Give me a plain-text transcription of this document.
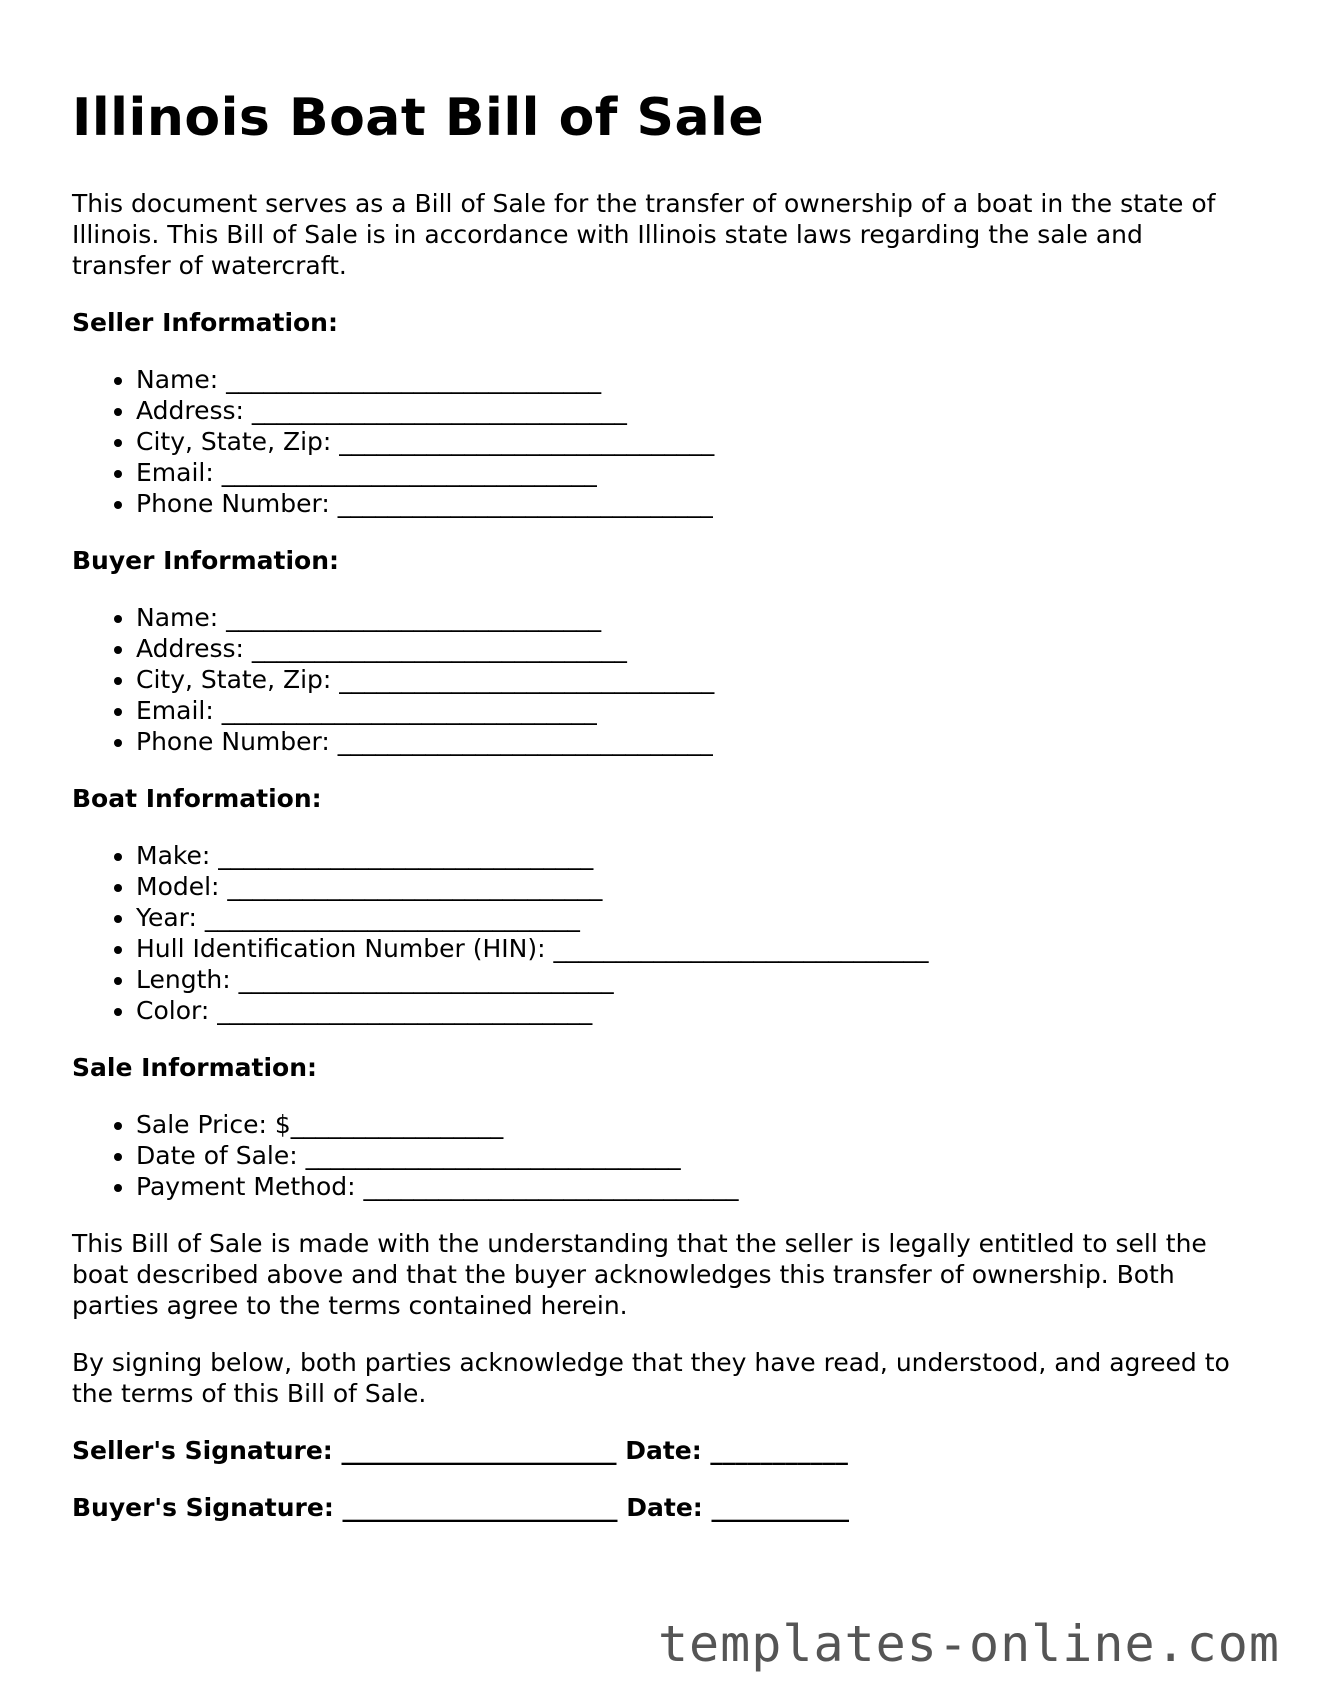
Illinois Boat Bill of Sale

This document serves as a Bill of Sale for the transfer of ownership of a boat in the state of Illinois. This Bill of Sale is in accordance with Illinois state laws regarding the sale and transfer of watercraft.

Seller Information:
• Name: ______________________________
• Address: ______________________________
• City, State, Zip: ______________________________
• Email: ______________________________
• Phone Number: ______________________________
Buyer Information:
• Name: ______________________________
• Address: ______________________________
• City, State, Zip: ______________________________
• Email: ______________________________
• Phone Number: ______________________________
Boat Information:
• Make: ______________________________
• Model: ______________________________
• Year: ______________________________
• Hull Identification Number (HIN): ______________________________
• Length: ______________________________
• Color: ______________________________
Sale Information:
• Sale Price: $_________________
• Date of Sale: ______________________________
• Payment Method: ______________________________

This Bill of Sale is made with the understanding that the seller is legally entitled to sell the boat described above and that the buyer acknowledges this transfer of ownership. Both parties agree to the terms contained herein.

By signing below, both parties acknowledge that they have read, understood, and agreed to the terms of this Bill of Sale.

Seller's Signature: ______________________ Date: ___________
Buyer's Signature: ______________________ Date: ___________
templates-online.com
